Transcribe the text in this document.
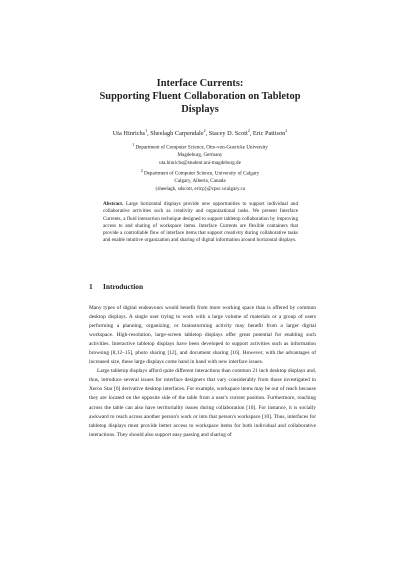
Interface Currents:
Supporting Fluent Collaboration on Tabletop
Displays
Uta Hinrichs$^1$, Sheelagh Carpendale$^2$, Stacey D. Scott$^2$, Eric Pattison$^2$
$^1$ Department of Computer Science, Otto-von-Guericke University
Magdeburg, Germany
uta.hinrichs@student.uni-magdeburg.de
$^2$ Department of Computer Science, University of Calgary
Calgary, Alberta, Canada
{sheelagh, sdscott, ericp}@cpsc.ucalgary.ca
Abstract. Large horizontal displays provide new opportunities to support individual and collaborative activities such as creativity and organizational tasks. We present Interface Currents, a fluid interaction technique designed to support tabletop collaboration by improving access to and sharing of workspace items. Interface Currents are flexible containers that provide a controllable flow of interface items that support creativity during collaborative tasks and enable intuitive organization and sharing of digital information around horizontal displays.
1 Introduction

Many types of digital endeavours would benefit from more working space than is offered by common desktop displays. A single user trying to work with a large volume of materials or a group of users performing a planning, organizing, or brainstorming activity may benefit from a larger digital workspace. High-resolution, large-screen tabletop displays offer great potential for enabling such activities. Interactive tabletop displays have been developed to support activities such as information browsing [8,12–15], photo sharing [12], and document sharing [16]. However, with the advantages of increased size, these large displays come hand in hand with new interface issues.

Large tabletop displays afford quite different interactions than common 21 inch desktop displays and, thus, introduce several issues for interface designers that vary considerably from those investigated in Xerox Star [6] derivative desktop interfaces. For example, workspace items may be out of reach because they are located on the opposite side of the table from a user's current position. Furthermore, reaching across the table can also have territoriality issues during collaboration [10]. For instance, it is socially awkward to reach across another person's work or into that person's workspace [10]. Thus, interfaces for tabletop displays must provide better access to workspace items for both individual and collaborative interactions. They should also support easy passing and sharing of
